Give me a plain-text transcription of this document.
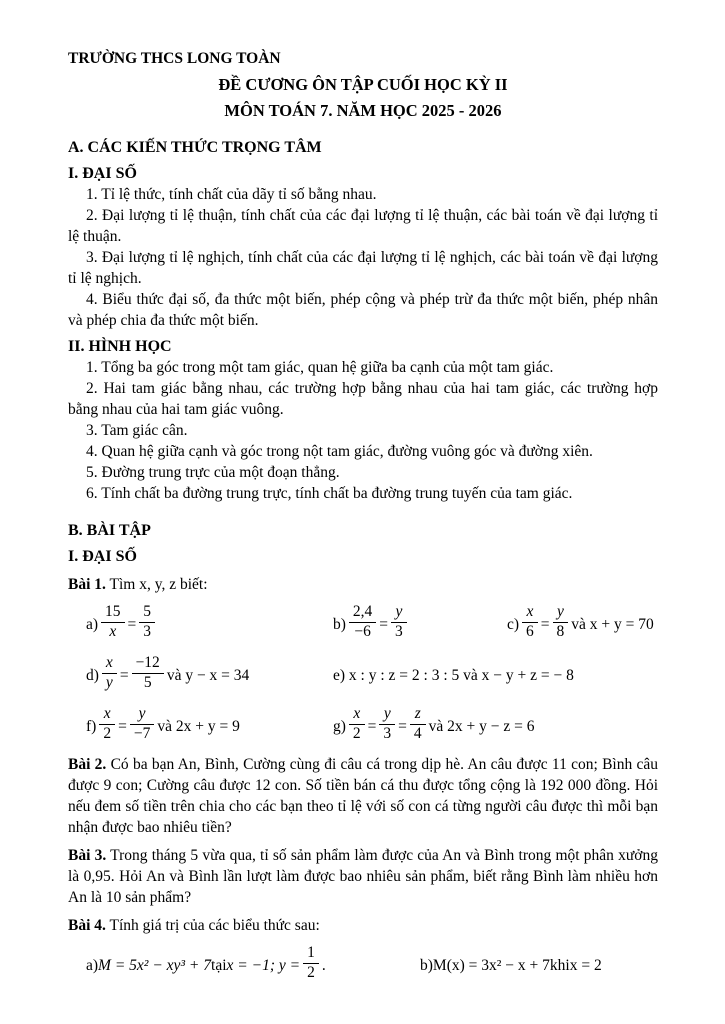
TRƯỜNG THCS LONG TOÀN

ĐỀ CƯƠNG ÔN TẬP CUỐI HỌC KỲ II

MÔN TOÁN 7. NĂM HỌC 2025 - 2026

A. CÁC KIẾN THỨC TRỌNG TÂM

I. ĐẠI SỐ

1. Tỉ lệ thức, tính chất của dãy tỉ số bằng nhau.

2. Đại lượng tỉ lệ thuận, tính chất của các đại lượng tỉ lệ thuận, các bài toán về đại lượng tỉ lệ thuận.

3. Đại lượng tỉ lệ nghịch, tính chất của các đại lượng tỉ lệ nghịch, các bài toán về đại lượng tỉ lệ nghịch.

4. Biểu thức đại số, đa thức một biến, phép cộng và phép trừ đa thức một biến, phép nhân và phép chia đa thức một biến.

II. HÌNH HỌC

1. Tổng ba góc trong một tam giác, quan hệ giữa ba cạnh của một tam giác.

2. Hai tam giác bằng nhau, các trường hợp bằng nhau của hai tam giác, các trường hợp bằng nhau của hai tam giác vuông.

3. Tam giác cân.

4. Quan hệ giữa cạnh và góc trong nột tam giác, đường vuông góc và đường xiên.

5. Đường trung trực của một đoạn thẳng.

6. Tính chất ba đường trung trực, tính chất ba đường trung tuyến của tam giác.

B. BÀI TẬP

I. ĐẠI SỐ

Bài 1. Tìm x, y, z biết:

$a) \frac{15}{x} = \frac{5}{3}$	$b) \frac{2,4}{-6} = \frac{y}{3}$	$c) \frac{x}{6} = \frac{y}{8}$ và x + y = 70
$d) \frac{x}{y} = \frac{-12}{5}$ và y − x = 34	e) x : y : z = 2 : 3 : 5 và x − y + z = − 8
$f) \frac{x}{2} = \frac{y}{-7}$ và 2x + y = 9	$g) \frac{x}{2} = \frac{y}{3} = \frac{z}{4}$ và 2x + y − z = 6

Bài 2. Có ba bạn An, Bình, Cường cùng đi câu cá trong dịp hè. An câu được 11 con; Bình câu được 9 con; Cường câu được 12 con. Số tiền bán cá thu được tổng cộng là 192 000 đồng. Hỏi nếu đem số tiền trên chia cho các bạn theo tỉ lệ với số con cá từng người câu được thì mỗi bạn nhận được bao nhiêu tiền?

Bài 3. Trong tháng 5 vừa qua, tỉ số sản phẩm làm được của An và Bình trong một phân xưởng là 0,95. Hỏi An và Bình lần lượt làm được bao nhiêu sản phẩm, biết rằng Bình làm nhiều hơn An là 10 sản phẩm?

Bài 4. Tính giá trị của các biểu thức sau:

a) M = 5x² − xy³ + 7 tại x = −1; $y = \frac{1}{2}$ .	b) M(x) = 3x² − x + 7 khi x = 2
